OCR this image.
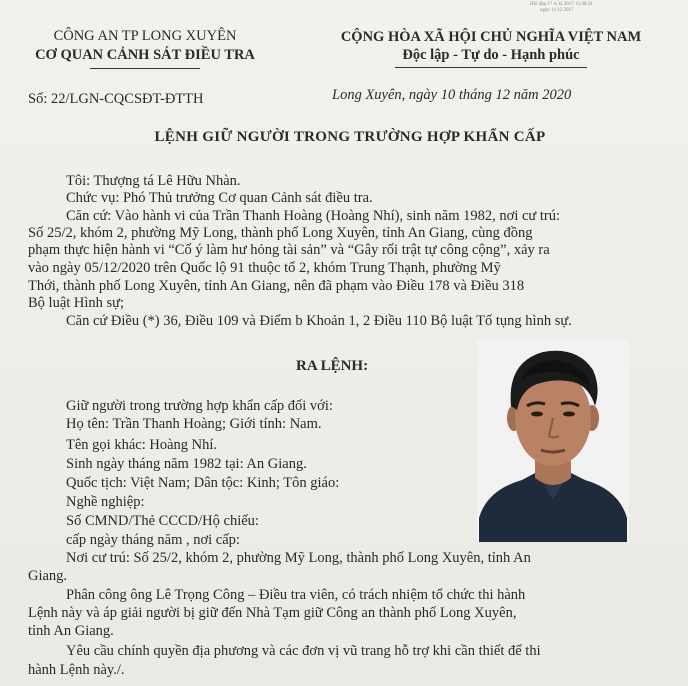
Hồi đáp 17 vi kí 2017 15:48:31
ngày 14 12 2017
CÔNG AN TP LONG XUYÊN
CƠ QUAN CẢNH SÁT ĐIỀU TRA
CỘNG HÒA XÃ HỘI CHỦ NGHĨA VIỆT NAM
Độc lập - Tự do - Hạnh phúc
Số: 22/LGN-CQCSĐT-ĐTTH	Long Xuyên, ngày 10 tháng 12 năm 2020
LỆNH GIỮ NGƯỜI TRONG TRƯỜNG HỢP KHẨN CẤP
Tôi: Thượng tá Lê Hữu Nhàn.
Chức vụ: Phó Thủ trưởng Cơ quan Cảnh sát điều tra.
Căn cứ: Vào hành vi của Trần Thanh Hoàng (Hoàng Nhí), sinh năm 1982, nơi cư trú:
Số 25/2, khóm 2, phường Mỹ Long, thành phố Long Xuyên, tỉnh An Giang, cùng đồng
phạm thực hiện hành vi “Cố ý làm hư hỏng tài sản” và “Gây rối trật tự công cộng”, xảy ra
vào ngày 05/12/2020 trên Quốc lộ 91 thuộc tổ 2, khóm Trung Thạnh, phường Mỹ
Thới, thành phố Long Xuyên, tỉnh An Giang, nên đã phạm vào Điều 178 và Điều 318
Bộ luật Hình sự;
Căn cứ Điều (*) 36, Điều 109 và Điểm b Khoản 1, 2 Điều 110 Bộ luật Tố tụng hình sự.
RA LỆNH:
Giữ người trong trường hợp khẩn cấp đối với:
Họ tên: Trần Thanh Hoàng; Giới tính: Nam.
Tên gọi khác: Hoàng Nhí.
Sinh ngày tháng năm 1982 tại: An Giang.
Quốc tịch: Việt Nam; Dân tộc: Kinh; Tôn giáo:
Nghề nghiệp:
Số CMND/Thẻ CCCD/Hộ chiếu:
cấp ngày tháng năm , nơi cấp:
Nơi cư trú: Số 25/2, khóm 2, phường Mỹ Long, thành phố Long Xuyên, tỉnh An
Giang.
Phân công ông Lê Trọng Công – Điều tra viên, có trách nhiệm tổ chức thi hành
Lệnh này và áp giải người bị giữ đến Nhà Tạm giữ Công an thành phố Long Xuyên,
tỉnh An Giang.
Yêu cầu chính quyền địa phương và các đơn vị vũ trang hỗ trợ khi cần thiết để thi
hành Lệnh này./.
